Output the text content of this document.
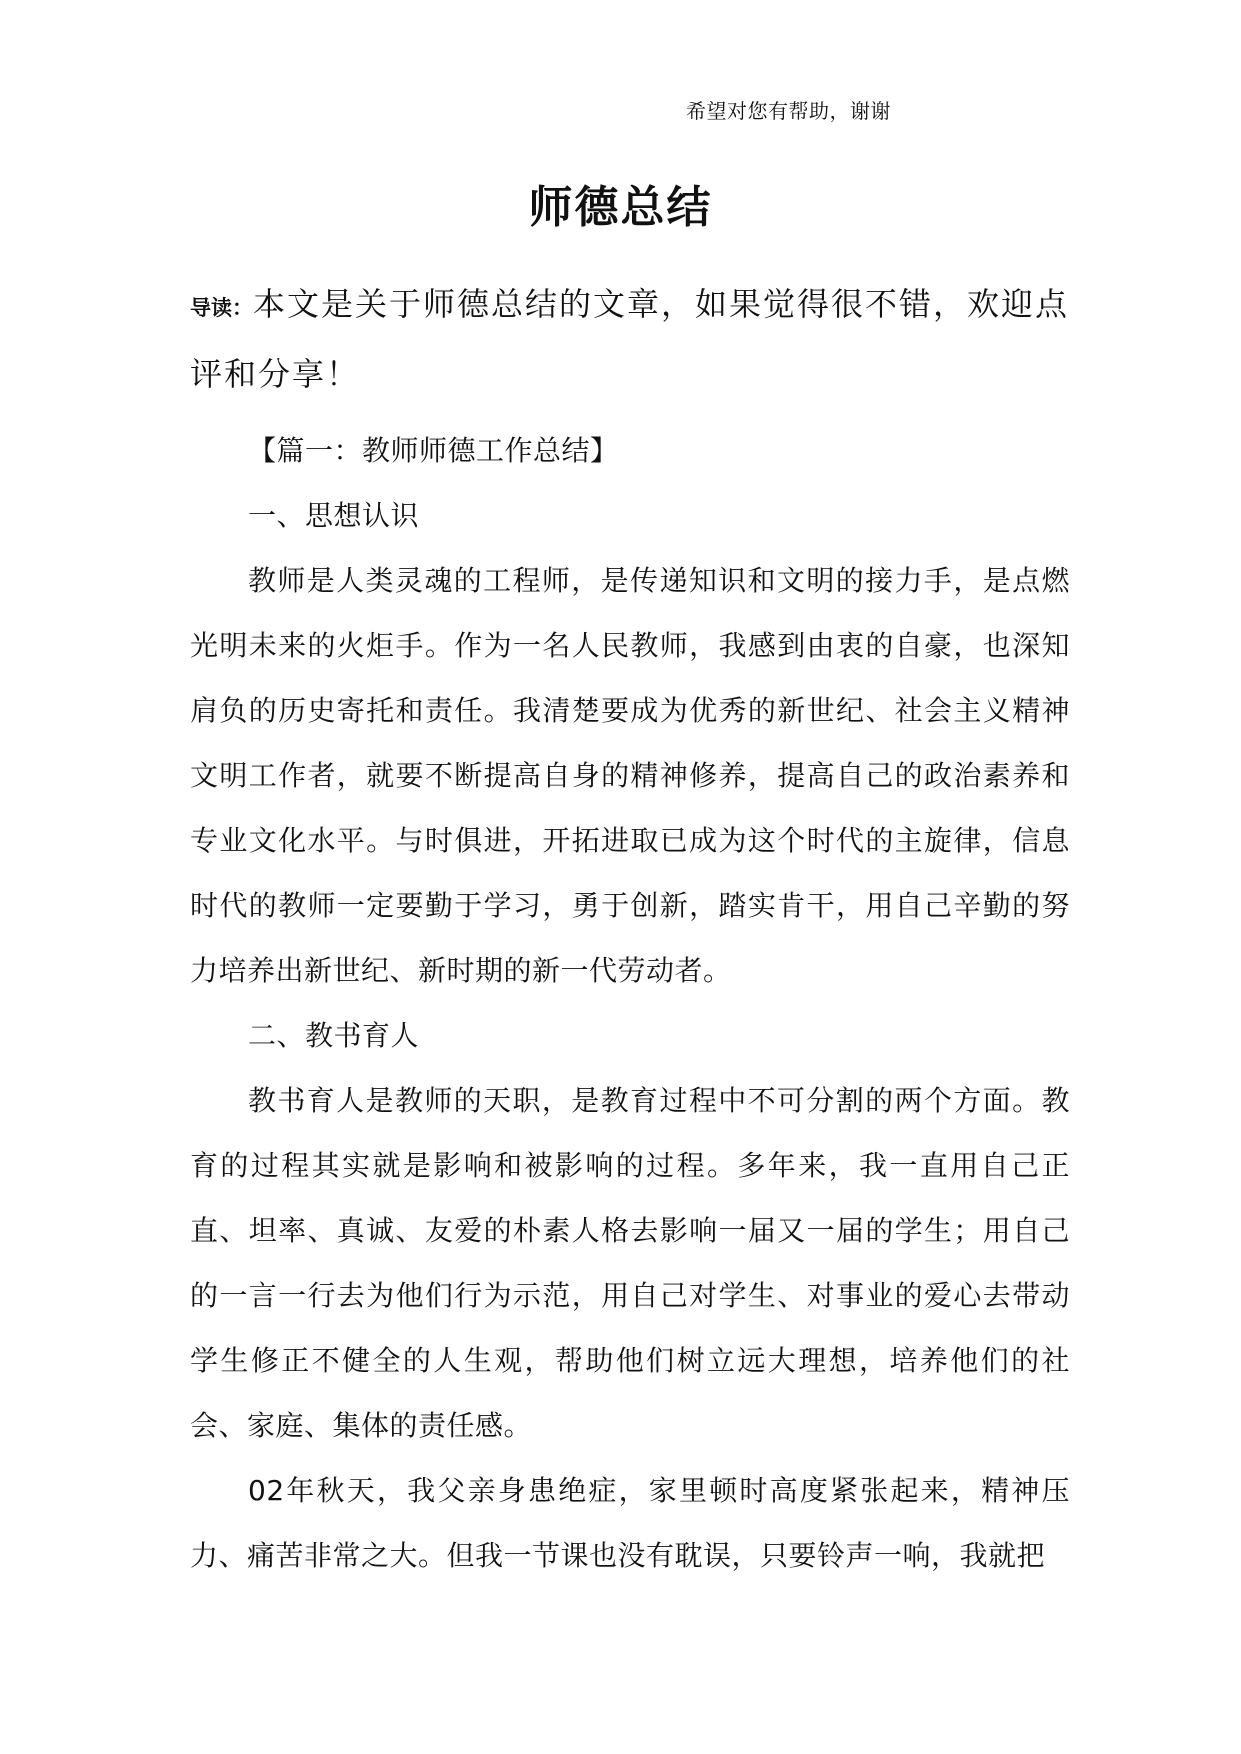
希望对您有帮助，谢谢
师德总结

导读：本文是关于师德总结的文章，如果觉得很不错，欢迎点评和分享！

【篇一：教师师德工作总结】

一、思想认识

教师是人类灵魂的工程师，是传递知识和文明的接力手，是点燃光明未来的火炬手。作为一名人民教师，我感到由衷的自豪，也深知肩负的历史寄托和责任。我清楚要成为优秀的新世纪、社会主义精神文明工作者，就要不断提高自身的精神修养，提高自己的政治素养和专业文化水平。与时俱进，开拓进取已成为这个时代的主旋律，信息时代的教师一定要勤于学习，勇于创新，踏实肯干，用自己辛勤的努力培养出新世纪、新时期的新一代劳动者。

二、教书育人

教书育人是教师的天职，是教育过程中不可分割的两个方面。教育的过程其实就是影响和被影响的过程。多年来，我一直用自己正直、坦率、真诚、友爱的朴素人格去影响一届又一届的学生；用自己的一言一行去为他们行为示范，用自己对学生、对事业的爱心去带动学生修正不健全的人生观，帮助他们树立远大理想，培养他们的社会、家庭、集体的责任感。

02年秋天，我父亲身患绝症，家里顿时高度紧张起来，精神压力、痛苦非常之大。但我一节课也没有耽误，只要铃声一响，我就把
